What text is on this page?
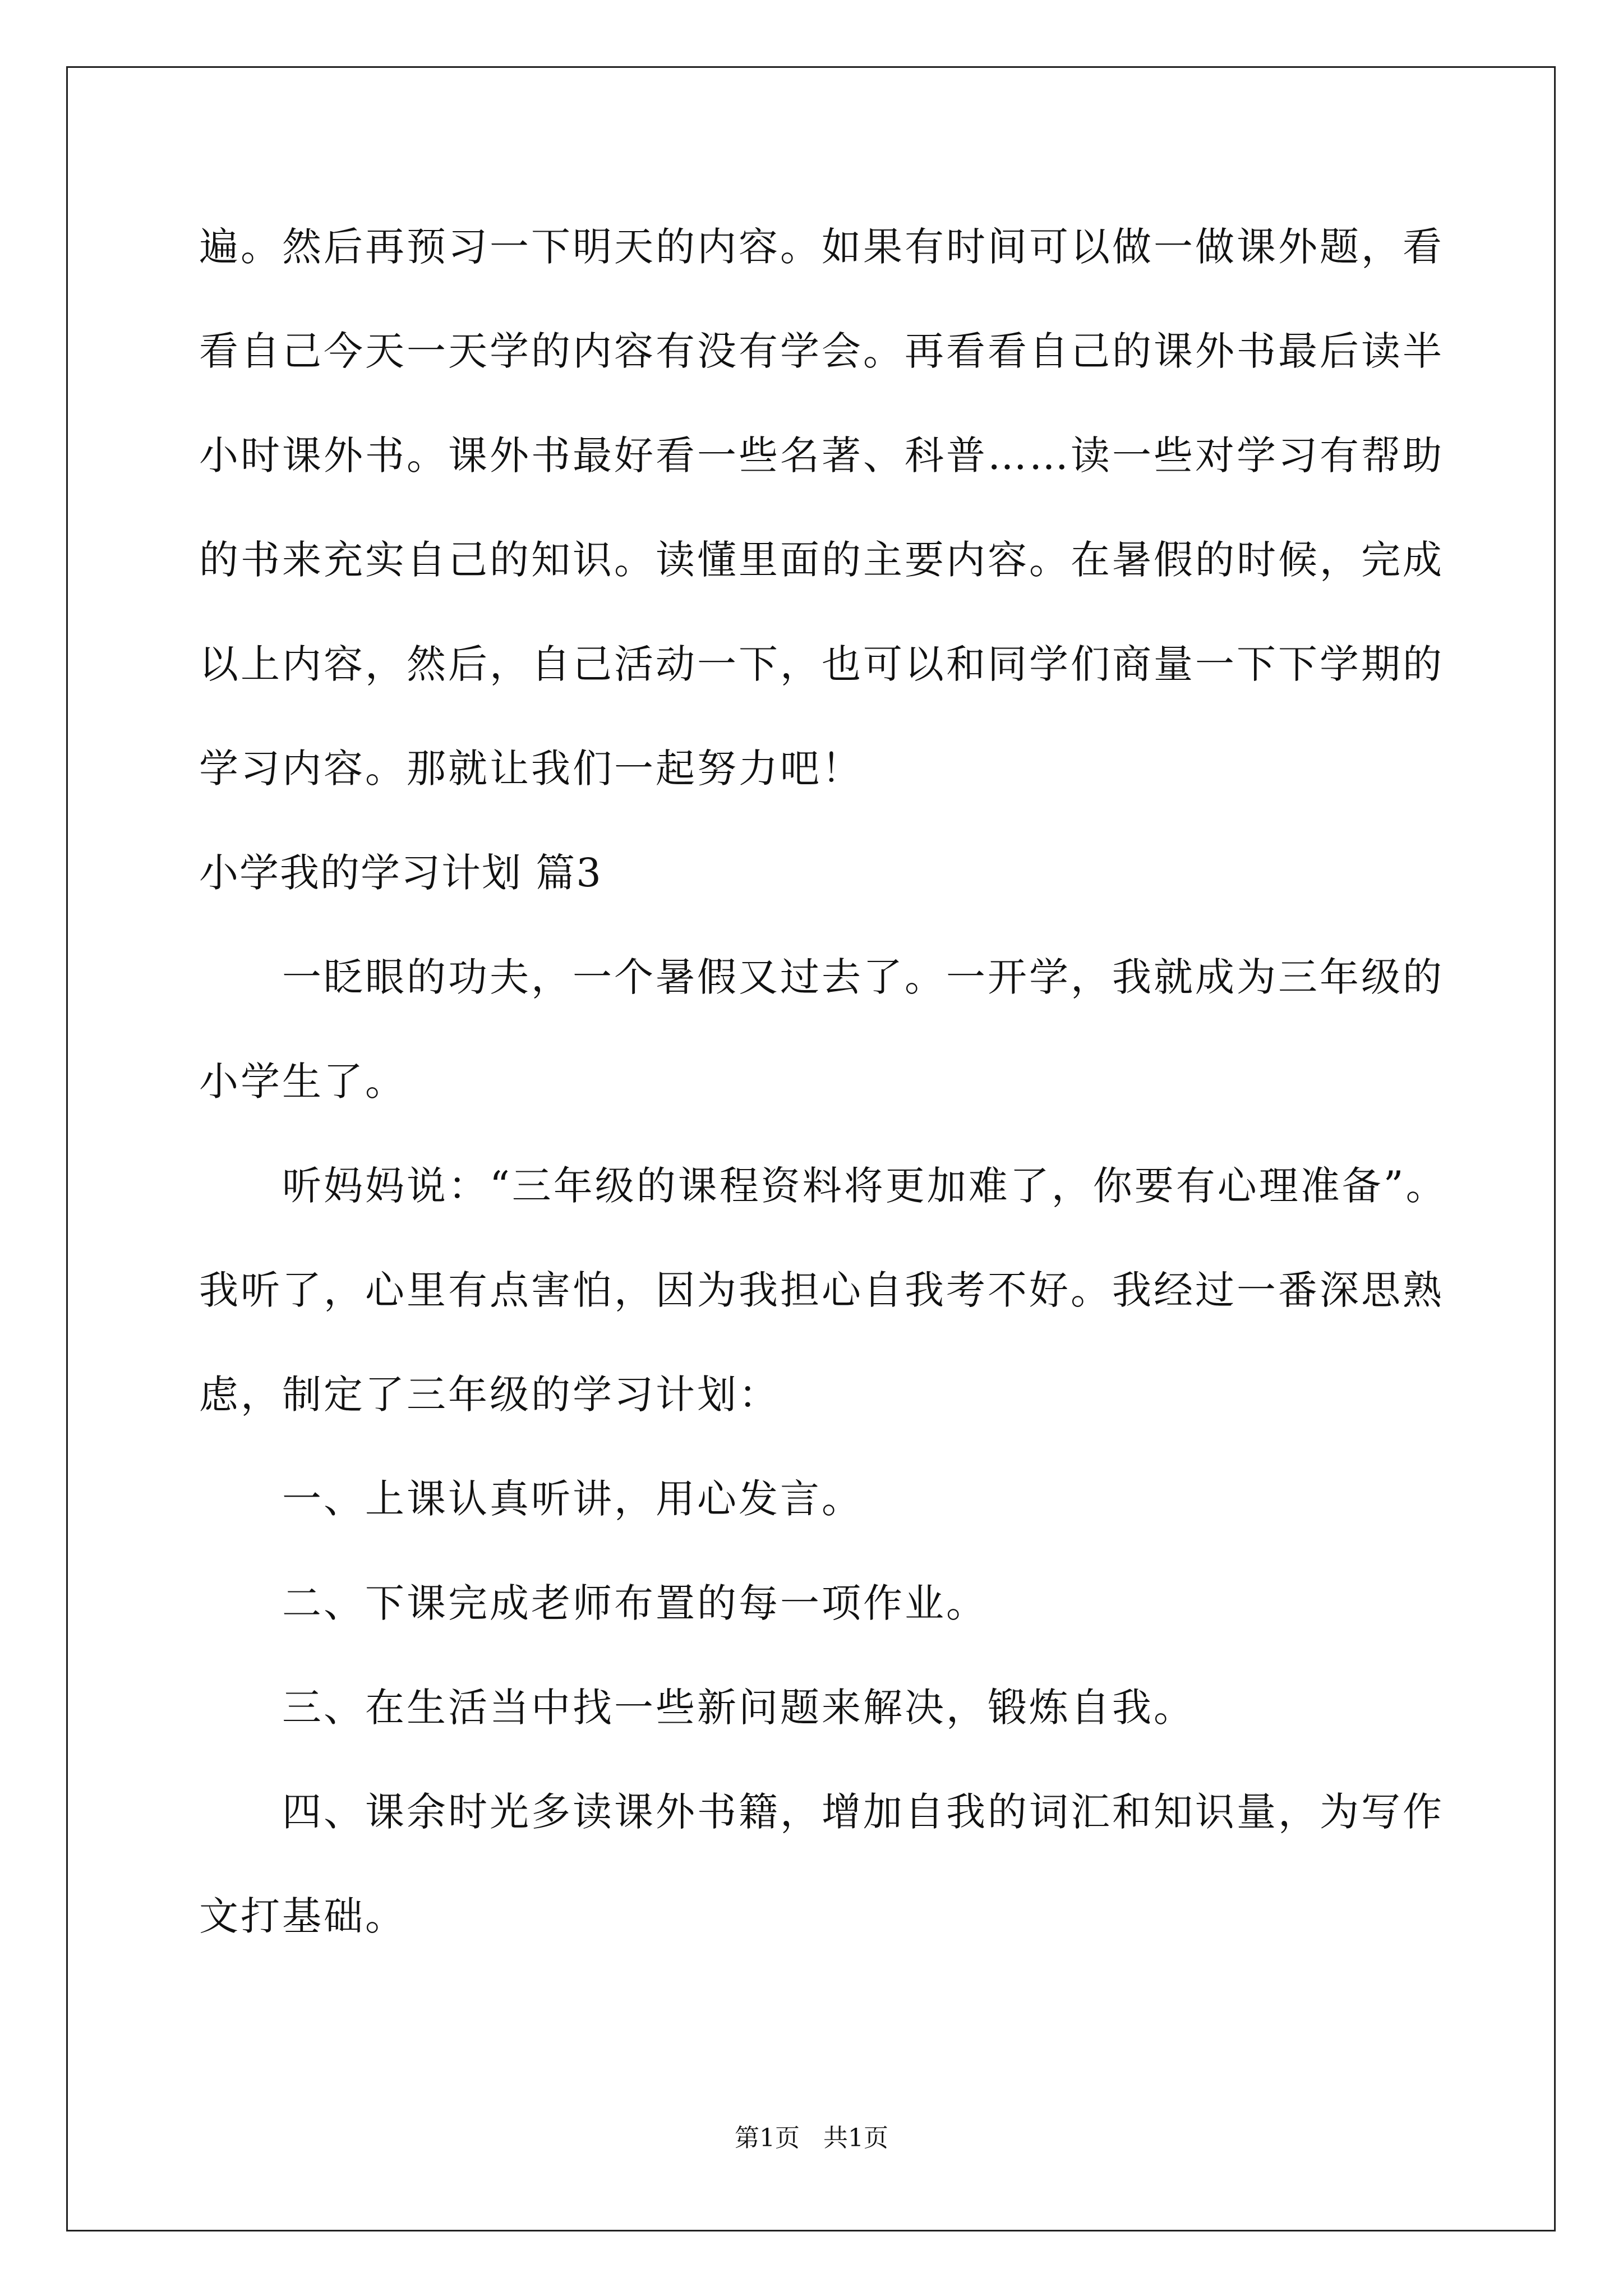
遍。然后再预习一下明天的内容。如果有时间可以做一做课外题，看
看自己今天一天学的内容有没有学会。再看看自己的课外书最后读半
小时课外书。课外书最好看一些名著、科普……读一些对学习有帮助
的书来充实自己的知识。读懂里面的主要内容。在暑假的时候，完成
以上内容，然后，自己活动一下，也可以和同学们商量一下下学期的
学习内容。那就让我们一起努力吧！
小学我的学习计划 篇3
一眨眼的功夫，一个暑假又过去了。一开学，我就成为三年级的
小学生了。
听妈妈说：“三年级的课程资料将更加难了，你要有心理准备”。
我听了，心里有点害怕，因为我担心自我考不好。我经过一番深思熟
虑，制定了三年级的学习计划：
一、上课认真听讲，用心发言。
二、下课完成老师布置的每一项作业。
三、在生活当中找一些新问题来解决，锻炼自我。
四、课余时光多读课外书籍，增加自我的词汇和知识量，为写作
文打基础。
第1页   共1页
